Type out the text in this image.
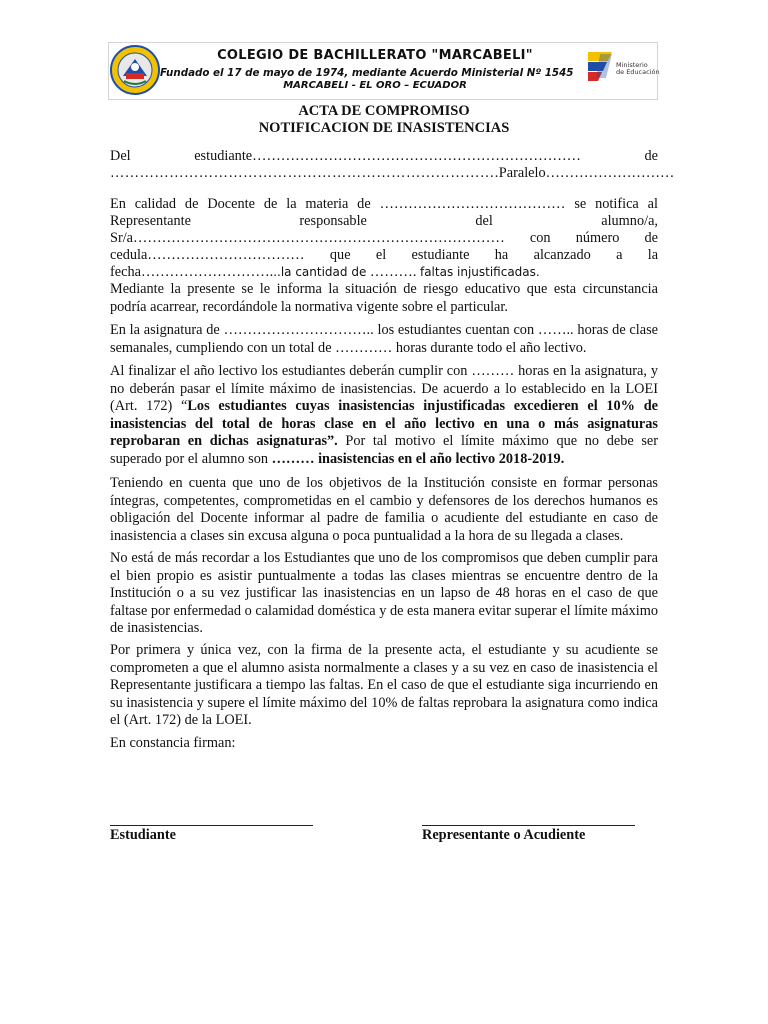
COLEGIO DE BACHILLERATO "MARCABELI"
Fundado el 17 de mayo de 1974, mediante Acuerdo Ministerial Nº 1545
MARCABELI - EL ORO – ECUADOR
Ministerio
de Educación
ACTA DE COMPROMISO
NOTIFICACION DE INASISTENCIAS
Del	estudiante……………………………………………………………	de
…………………………………………………………………….Paralelo………………………
En calidad de Docente de la materia de ………………………………… se notifica al
Representante	responsable	del	alumno/a,
Sr/a…………………………………………………………………… con número de
cedula…………………………… que el estudiante ha alcanzado a la
fecha………………………...la cantidad de ………. faltas injustificadas.
Mediante la presente se le informa la situación de riesgo educativo que esta circunstancia podría acarrear, recordándole la normativa vigente sobre el particular.
En la asignatura de ………………………….. los estudiantes cuentan con …….. horas de clase semanales, cumpliendo con un total de ………… horas durante todo el año lectivo.
Al finalizar el año lectivo los estudiantes deberán cumplir con ……… horas en la asignatura, y no deberán pasar el límite máximo de inasistencias. De acuerdo a lo establecido en la LOEI (Art. 172) “Los estudiantes cuyas inasistencias injustificadas excedieren el 10% de inasistencias del total de horas clase en el año lectivo en una o más asignaturas reprobaran en dichas asignaturas”. Por tal motivo el límite máximo que no debe ser superado por el alumno son ……… inasistencias en el año lectivo 2018-2019.
Teniendo en cuenta que uno de los objetivos de la Institución consiste en formar personas íntegras, competentes, comprometidas en el cambio y defensores de los derechos humanos es obligación del Docente informar al padre de familia o acudiente del estudiante en caso de inasistencia a clases sin excusa alguna o poca puntualidad a la hora de su llegada a clases.
No está de más recordar a los Estudiantes que uno de los compromisos que deben cumplir para el bien propio es asistir puntualmente a todas las clases mientras se encuentre dentro de la Institución o a su vez justificar las inasistencias en un lapso de 48 horas en el caso de que faltase por enfermedad o calamidad doméstica y de esta manera evitar superar el límite máximo de inasistencias.
Por primera y única vez, con la firma de la presente acta, el estudiante y su acudiente se comprometen a que el alumno asista normalmente a clases y a su vez en caso de inasistencia el Representante justificara a tiempo las faltas. En el caso de que el estudiante siga incurriendo en su inasistencia y supere el límite máximo del 10% de faltas reprobara la asignatura como indica el (Art. 172) de la LOEI.
En constancia firman:
Estudiante	Representante o Acudiente
